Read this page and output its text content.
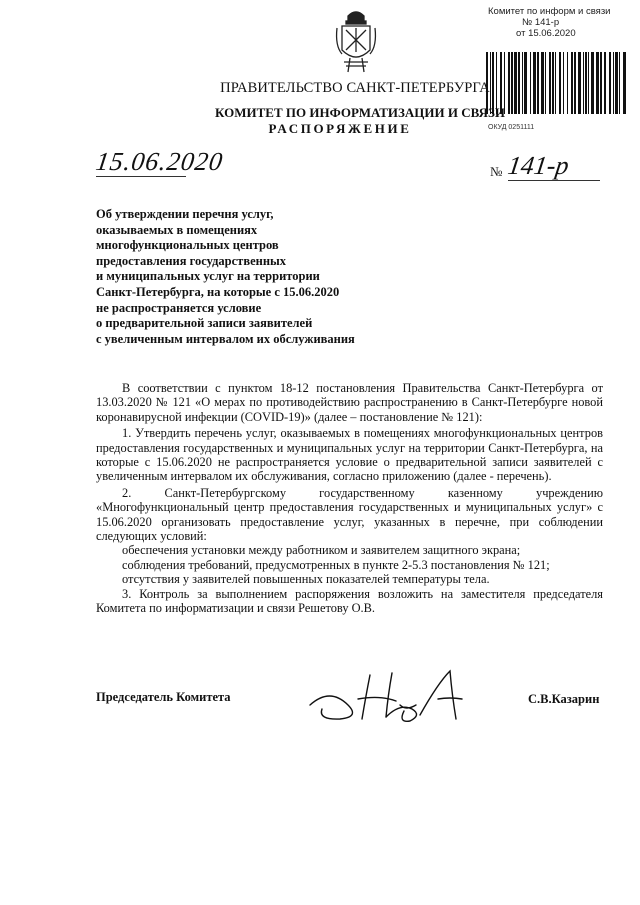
Комитет по информ и связи
№ 141-р
от 15.06.2020
ПРАВИТЕЛЬСТВО САНКТ-ПЕТЕРБУРГА
КОМИТЕТ ПО ИНФОРМАТИЗАЦИИ И СВЯЗИ
РАСПОРЯЖЕНИЕ	ОКУД 0251111
15.06.2020	№ 141-р
Об утверждении перечня услуг,
оказываемых в помещениях
многофункциональных центров
предоставления государственных
и муниципальных услуг на территории
Санкт-Петербурга, на которые с 15.06.2020
не распространяется условие
о предварительной записи заявителей
с увеличенным интервалом их обслуживания

В соответствии с пунктом 18-12 постановления Правительства Санкт-Петербурга от 13.03.2020 № 121 «О мерах по противодействию распространению в Санкт-Петербурге новой коронавирусной инфекции (COVID-19)» (далее – постановление № 121):

1. Утвердить перечень услуг, оказываемых в помещениях многофункциональных центров предоставления государственных и муниципальных услуг на территории Санкт-Петербурга, на которые с 15.06.2020 не распространяется условие о предварительной записи заявителей с увеличенным интервалом их обслуживания, согласно приложению (далее - перечень).

2. Санкт-Петербургскому государственному казенному учреждению «Многофункциональный центр предоставления государственных и муниципальных услуг» с 15.06.2020 организовать предоставление услуг, указанных в перечне, при соблюдении следующих условий:

обеспечения установки между работником и заявителем защитного экрана;

соблюдения требований, предусмотренных в пункте 2-5.3 постановления № 121;

отсутствия у заявителей повышенных показателей температуры тела.

3. Контроль за выполнением распоряжения возложить на заместителя председателя Комитета по информатизации и связи Решетову О.В.

Председатель Комитета	С.В.Казарин
